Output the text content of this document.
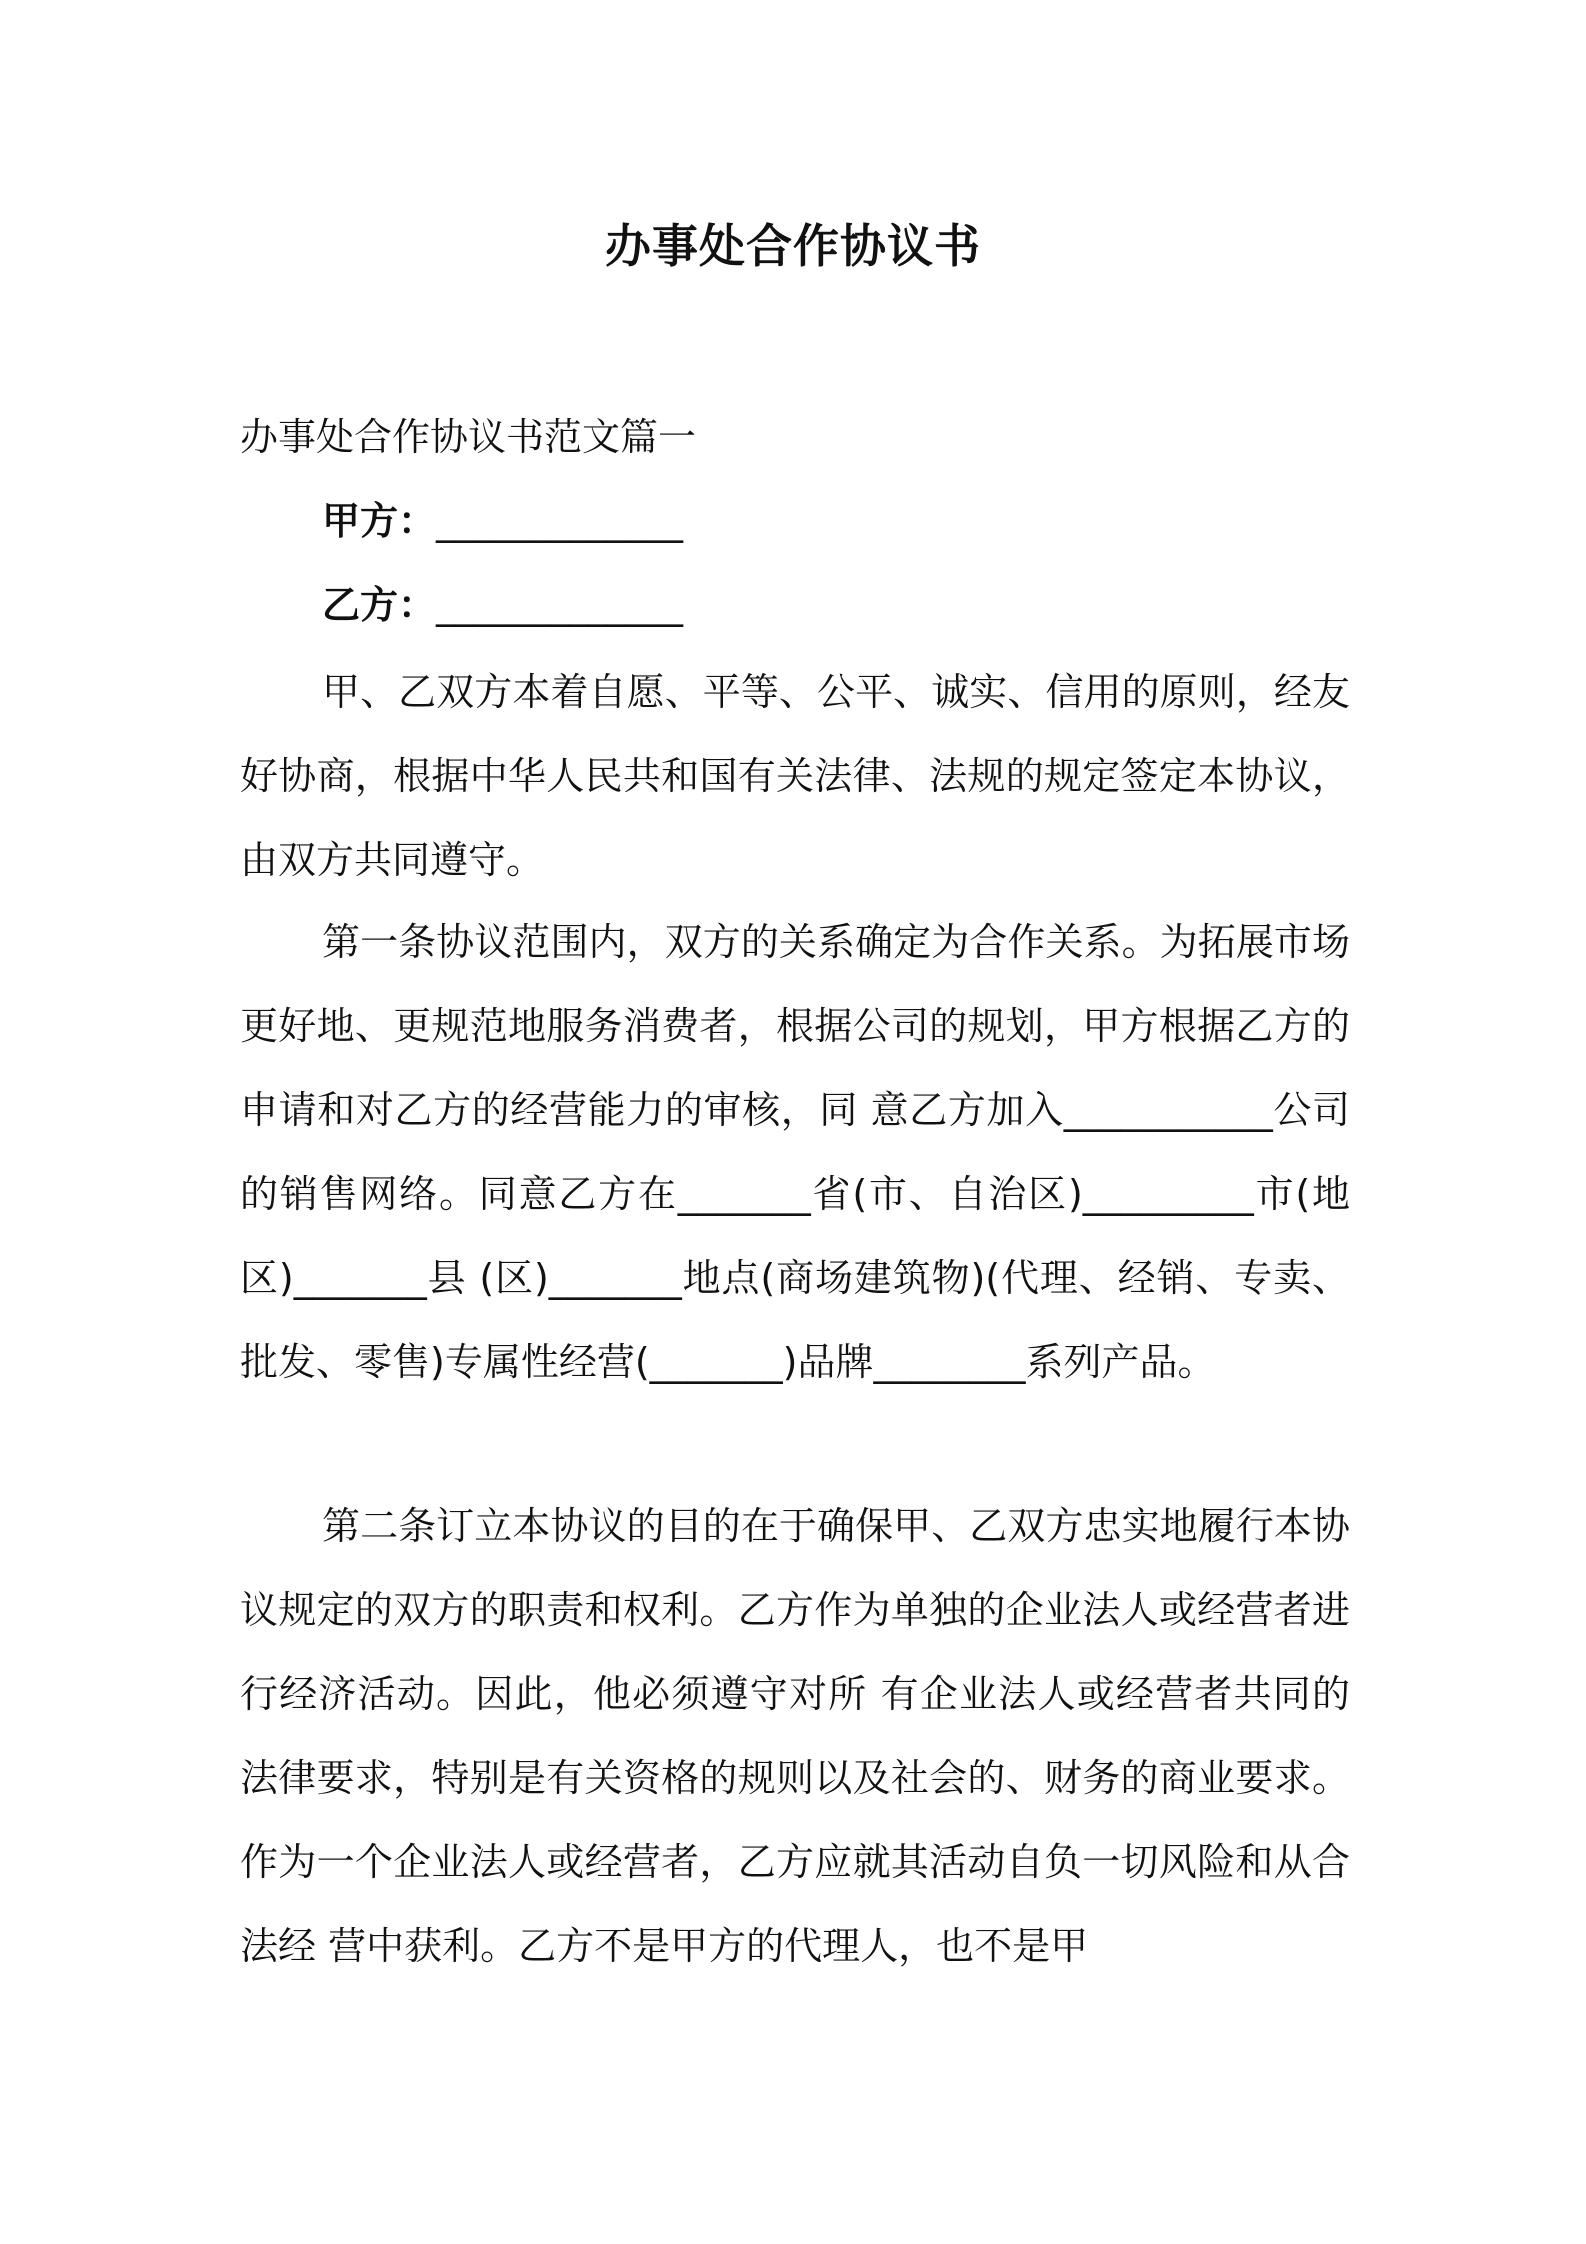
办事处合作协议书
办事处合作协议书范文篇一
甲方：_____________
乙方：_____________

甲、乙双方本着自愿、平等、公平、诚实、信用的原则，经友好协商，根据中华人民共和国有关法律、法规的规定签定本协议，由双方共同遵守。

第一条协议范围内，双方的关系确定为合作关系。为拓展市场更好地、更规范地服务消费者，根据公司的规划，甲方根据乙方的申请和对乙方的经营能力的审核，同 意乙方加入___________公司的销售网络。同意乙方在_______省(市、自治区)_________市(地区)_______县 (区)_______地点(商场建筑物)(代理、经销、专卖、批发、零售)专属性经营(_______)品牌________系列产品。

第二条订立本协议的目的在于确保甲、乙双方忠实地履行本协议规定的双方的职责和权利。乙方作为单独的企业法人或经营者进行经济活动。因此，他必须遵守对所 有企业法人或经营者共同的法律要求，特别是有关资格的规则以及社会的、财务的商业要求。作为一个企业法人或经营者，乙方应就其活动自负一切风险和从合法经 营中获利。乙方不是甲方的代理人，也不是甲
